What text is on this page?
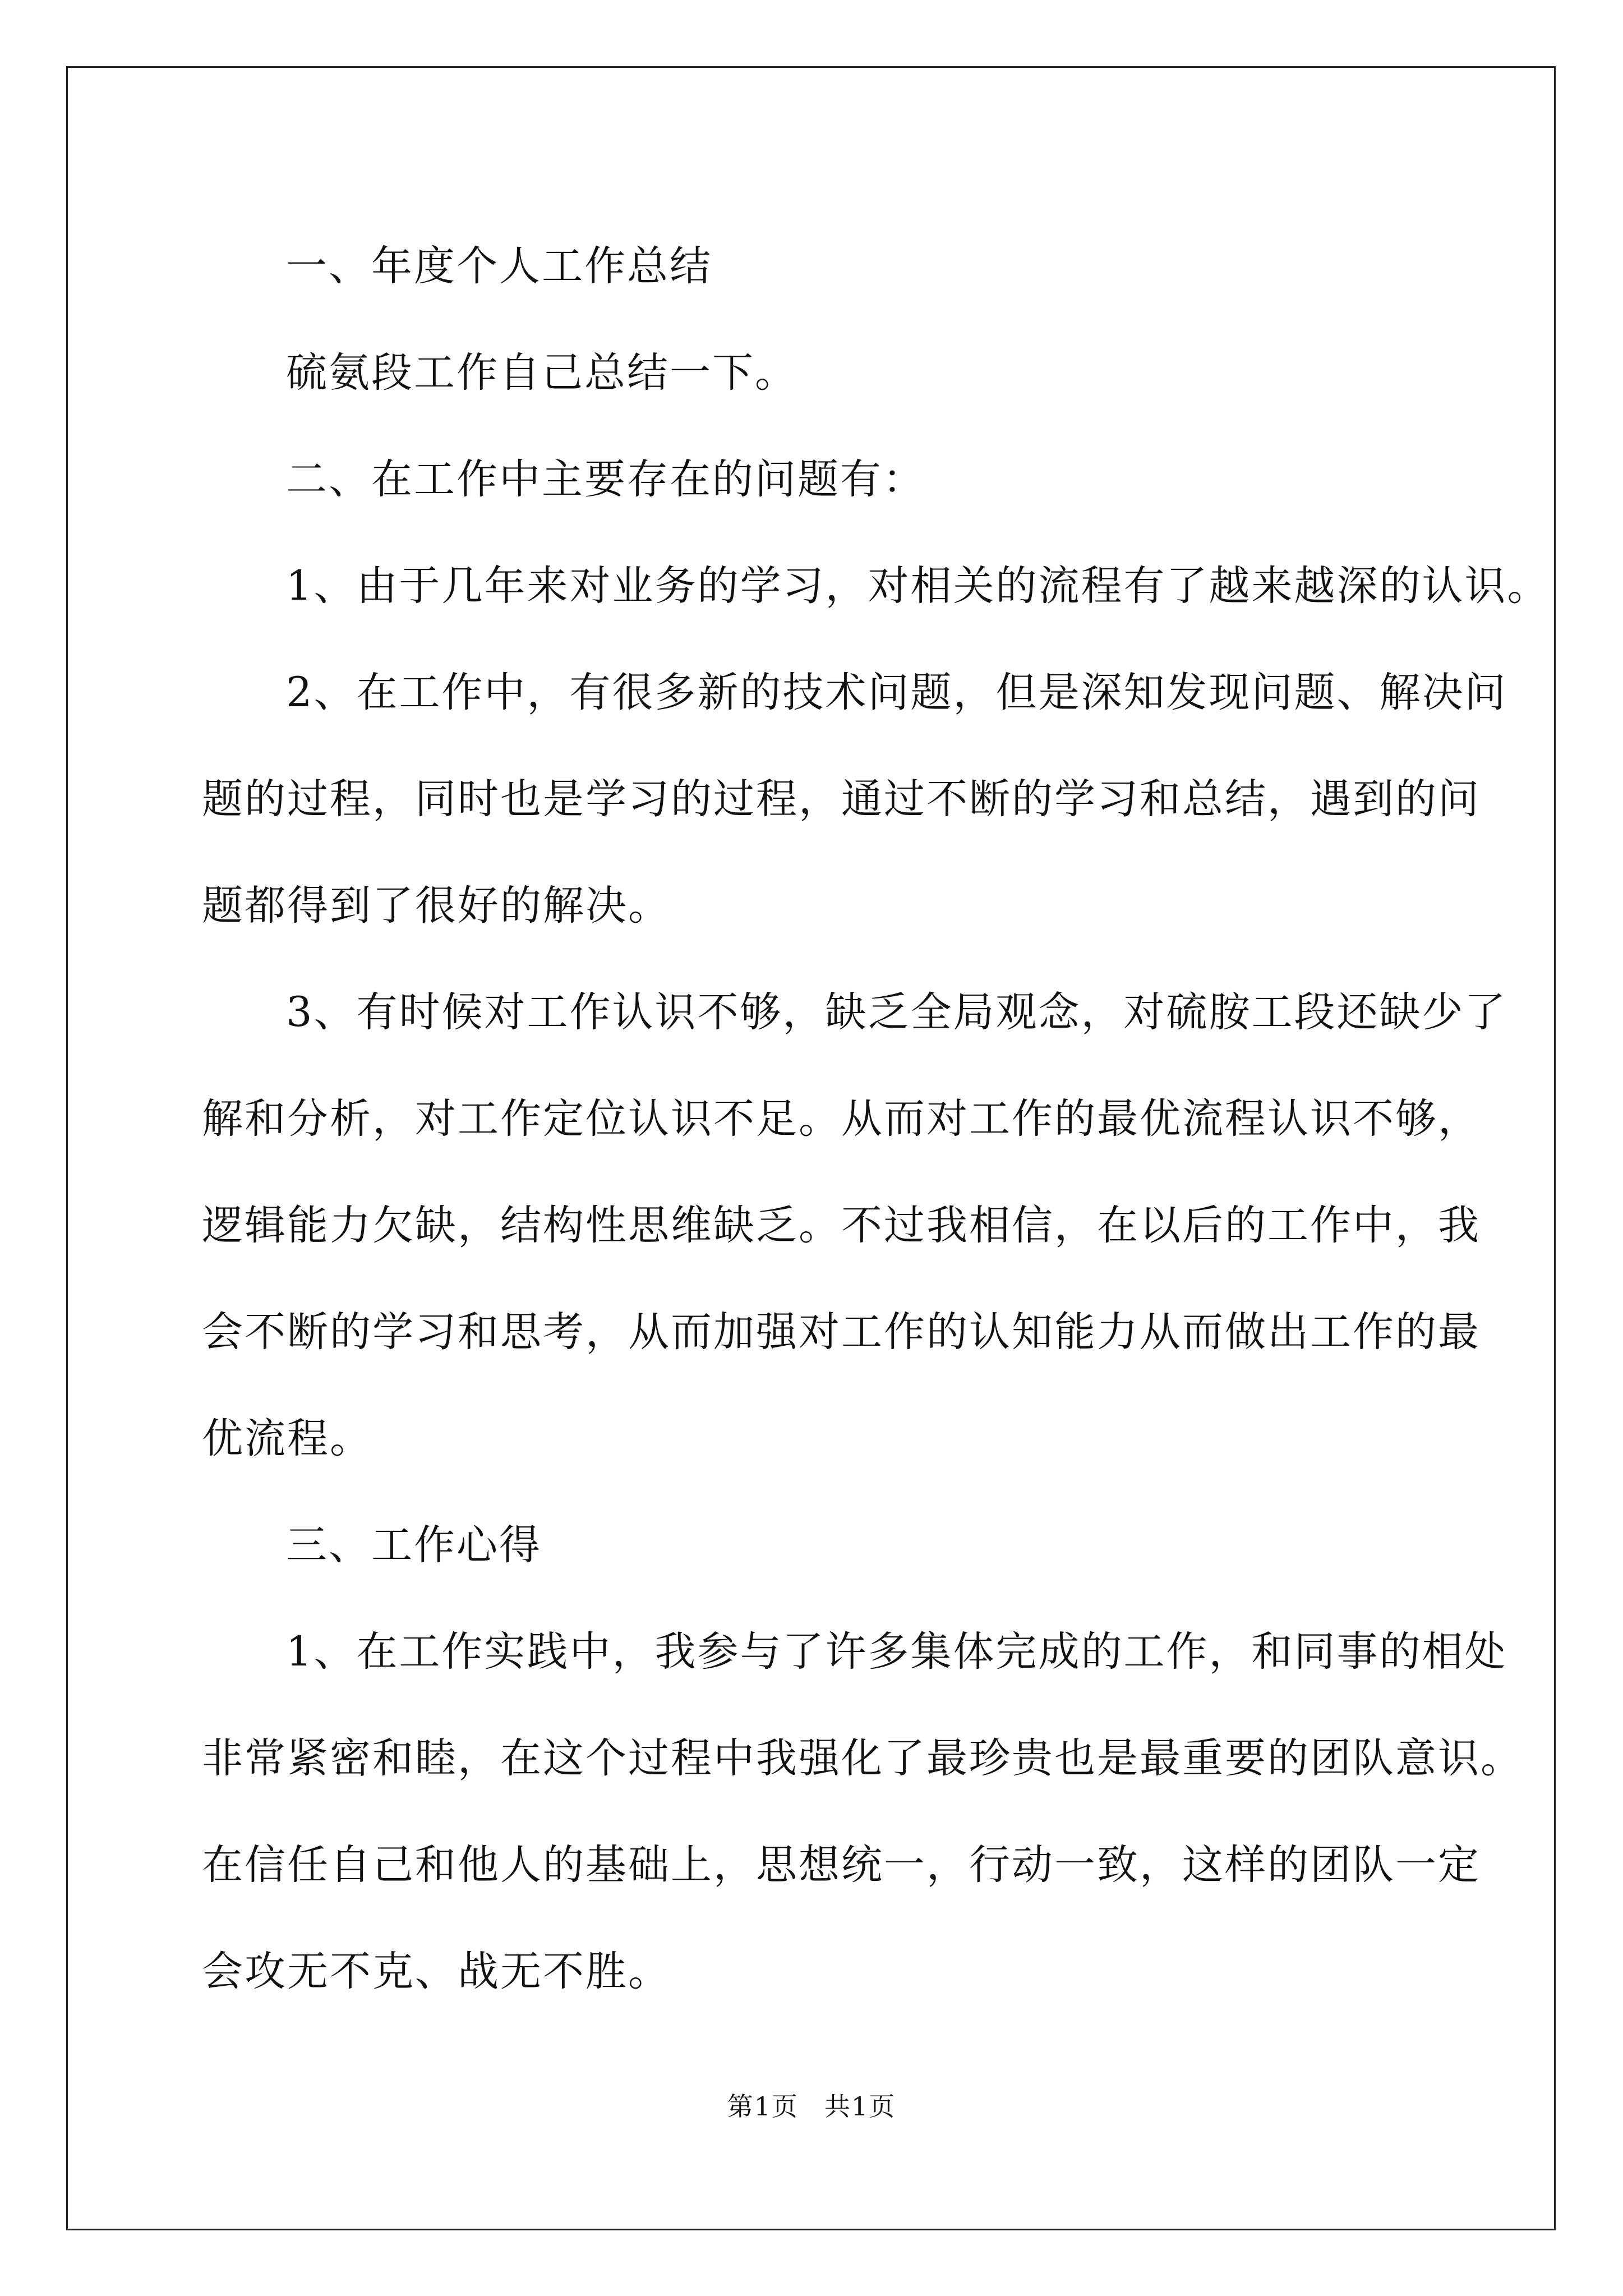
一、年度个人工作总结

硫氨段工作自己总结一下。

二、在工作中主要存在的问题有：

1、由于几年来对业务的学习，对相关的流程有了越来越深的认识。

2、在工作中，有很多新的技术问题，但是深知发现问题、解决问

题的过程，同时也是学习的过程，通过不断的学习和总结，遇到的问

题都得到了很好的解决。

3、有时候对工作认识不够，缺乏全局观念，对硫胺工段还缺少了

解和分析，对工作定位认识不足。从而对工作的最优流程认识不够，

逻辑能力欠缺，结构性思维缺乏。不过我相信，在以后的工作中，我

会不断的学习和思考，从而加强对工作的认知能力从而做出工作的最

优流程。

三、工作心得

1、在工作实践中，我参与了许多集体完成的工作，和同事的相处

非常紧密和睦，在这个过程中我强化了最珍贵也是最重要的团队意识。

在信任自己和他人的基础上，思想统一，行动一致，这样的团队一定

会攻无不克、战无不胜。

第1页 共1页
